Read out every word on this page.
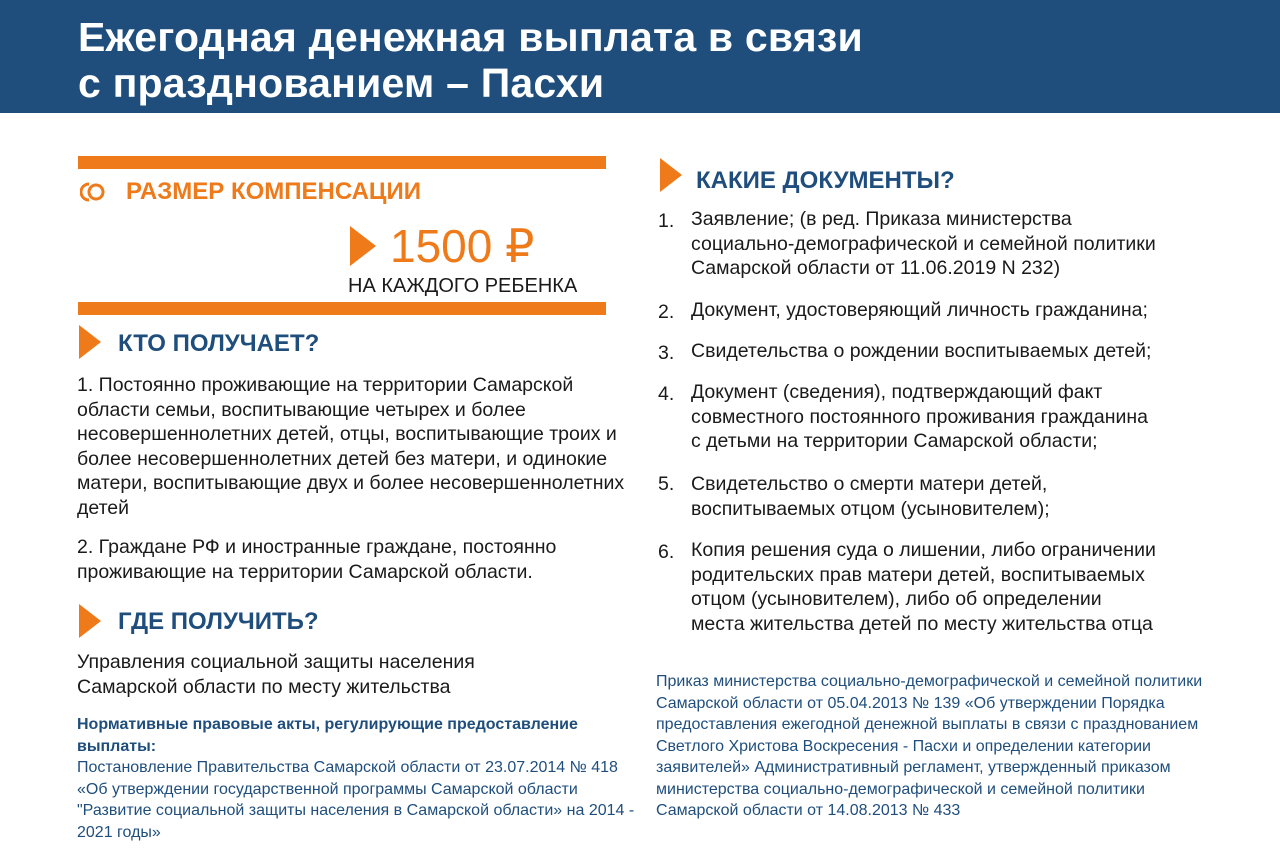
Ежегодная денежная выплата в связи
с празднованием – Пасхи
РАЗМЕР КОМПЕНСАЦИИ
1500 ₽
НА КАЖДОГО РЕБЕНКА
КТО ПОЛУЧАЕТ?

1. Постоянно проживающие на территории Самарской области семьи, воспитывающие четырех и более несовершеннолетних детей, отцы, воспитывающие троих и более несовершеннолетних детей без матери, и одинокие матери, воспитывающие двух и более несовершеннолетних детей

2. Граждане РФ и иностранные граждане, постоянно проживающие на территории Самарской области.

ГДЕ ПОЛУЧИТЬ?

Управления социальной защиты населения Самарской области по месту жительства

Нормативные правовые акты, регулирующие предоставление выплаты:
Постановление Правительства Самарской области от 23.07.2014 № 418 «Об утверждении государственной программы Самарской области "Развитие социальной защиты населения в Самарской области» на 2014 - 2021 годы»
КАКИЕ ДОКУМЕНТЫ?
1. Заявление; (в ред. Приказа министерства
социально-демографической и семейной политики
Самарской области от 11.06.2019 N 232)
2. Документ, удостоверяющий личность гражданина;
3. Свидетельства о рождении воспитываемых детей;
4. Документ (сведения), подтверждающий факт
совместного постоянного проживания гражданина
с детьми на территории Самарской области;
5. Свидетельство о смерти матери детей,
воспитываемых отцом (усыновителем);
6. Копия решения суда о лишении, либо ограничении
родительских прав матери детей, воспитываемых
отцом (усыновителем), либо об определении
места жительства детей по месту жительства отца

Приказ министерства социально-демографической и семейной политики Самарской области от 05.04.2013 № 139 «Об утверждении Порядка предоставления ежегодной денежной выплаты в связи с празднованием Светлого Христова Воскресения - Пасхи и определении категории заявителей» Административный регламент, утвержденный приказом министерства социально-демографической и семейной политики Самарской области от 14.08.2013 № 433
